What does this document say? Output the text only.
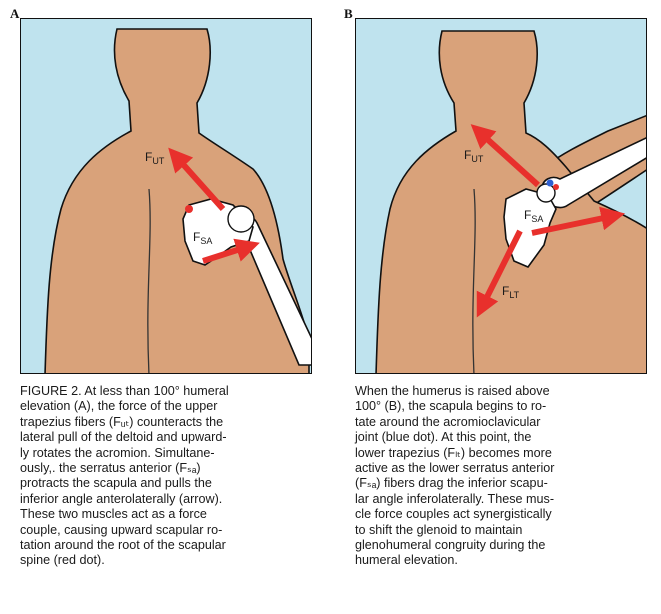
A
$F_{UT}$
$F_{SA}$
B
$F_{UT}$
$F_{SA}$
$F_{LT}$
FIGURE 2. At less than 100° humeral
elevation (A), the force of the upper
trapezius fibers (Fᵤₜ) counteracts the
lateral pull of the deltoid and upward-
ly rotates the acromion. Simultane-
ously,. the serratus anterior (Fₛₐ)
protracts the scapula and pulls the
inferior angle anterolaterally (arrow).
These two muscles act as a force
couple, causing upward scapular ro-
tation around the root of the scapular
spine (red dot).
When the humerus is raised above
100° (B), the scapula begins to ro-
tate around the acromioclavicular
joint (blue dot). At this point, the
lower trapezius (Fₗₜ) becomes more
active as the lower serratus anterior
(Fₛₐ) fibers drag the inferior scapu-
lar angle inferolaterally. These mus-
cle force couples act synergistically
to shift the glenoid to maintain
glenohumeral congruity during the
humeral elevation.
